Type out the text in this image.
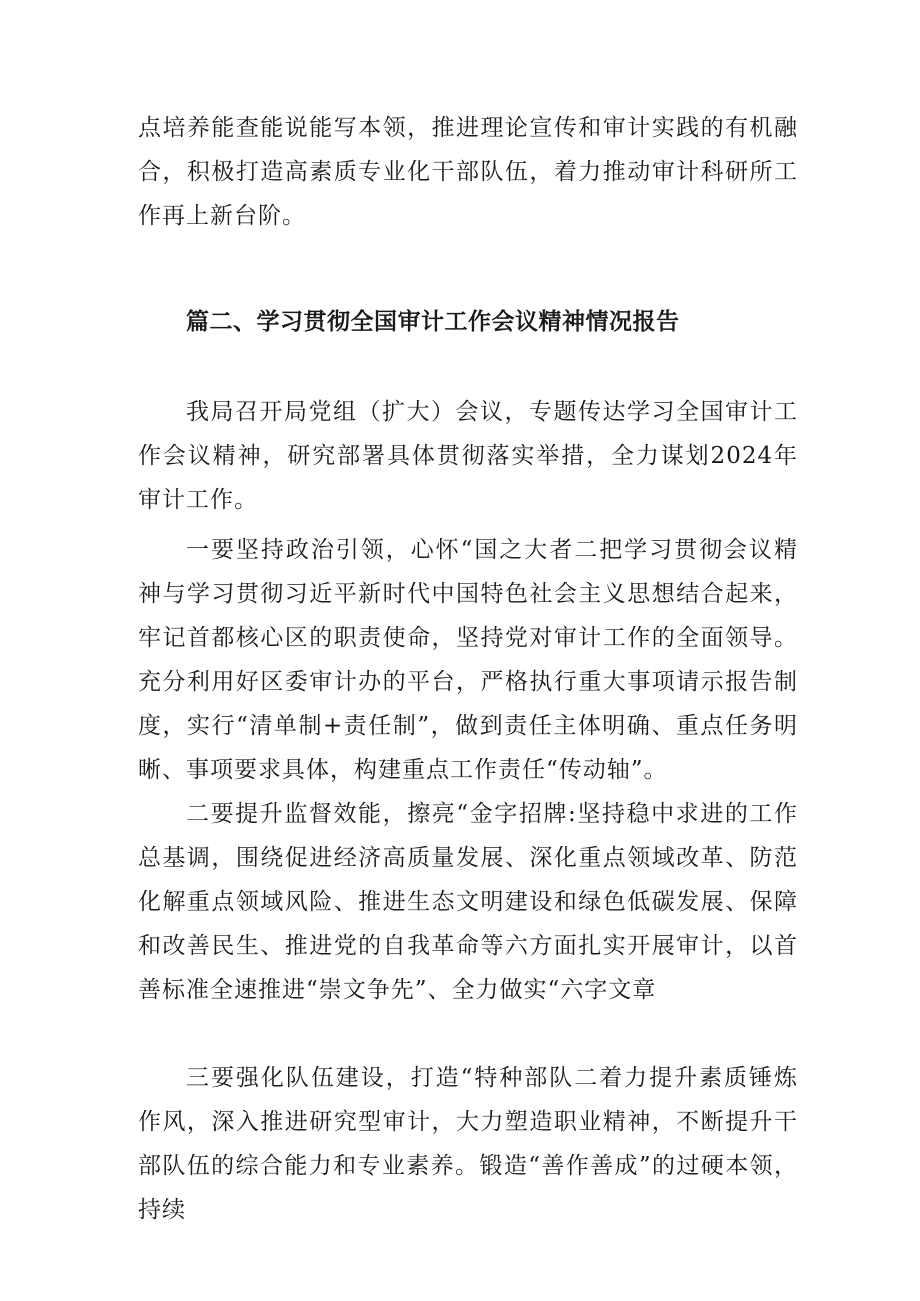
点培养能查能说能写本领，推进理论宣传和审计实践的有机融合，积极打造高素质专业化干部队伍，着力推动审计科研所工作再上新台阶。

篇二、学习贯彻全国审计工作会议精神情况报告

我局召开局党组（扩大）会议，专题传达学习全国审计工作会议精神，研究部署具体贯彻落实举措，全力谋划2024年审计工作。

一要坚持政治引领，心怀“国之大者二把学习贯彻会议精神与学习贯彻习近平新时代中国特色社会主义思想结合起来，牢记首都核心区的职责使命，坚持党对审计工作的全面领导。充分利用好区委审计办的平台，严格执行重大事项请示报告制度，实行“清单制+责任制”，做到责任主体明确、重点任务明晰、事项要求具体，构建重点工作责任“传动轴”。

二要提升监督效能，擦亮“金字招牌:坚持稳中求进的工作总基调，围绕促进经济高质量发展、深化重点领域改革、防范化解重点领域风险、推进生态文明建设和绿色低碳发展、保障和改善民生、推进党的自我革命等六方面扎实开展审计，以首善标准全速推进“崇文争先”、全力做实“六字文章

三要强化队伍建设，打造“特种部队二着力提升素质锤炼作风，深入推进研究型审计，大力塑造职业精神，不断提升干部队伍的综合能力和专业素养。锻造“善作善成”的过硬本领，持续
